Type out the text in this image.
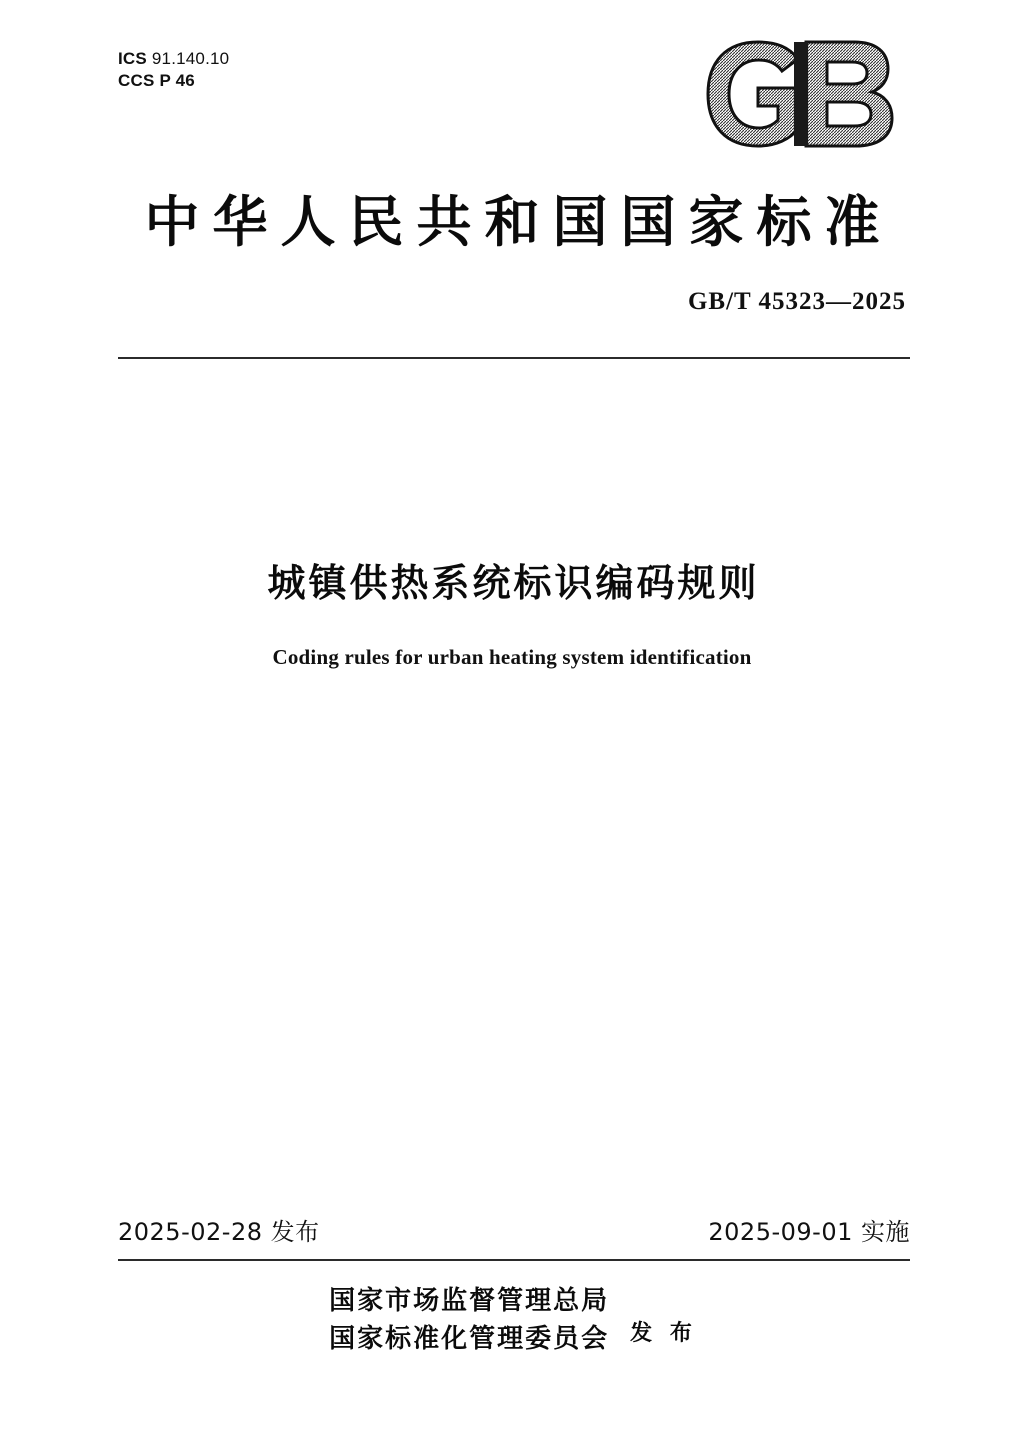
ICS 91.140.10
CCS P 46
中华人民共和国国家标准
GB/T 45323—2025
城镇供热系统标识编码规则
Coding rules for urban heating system identification
2025-02-28 发布	2025-09-01 实施
国家市场监督管理总局
国家标准化管理委员会 发 布
